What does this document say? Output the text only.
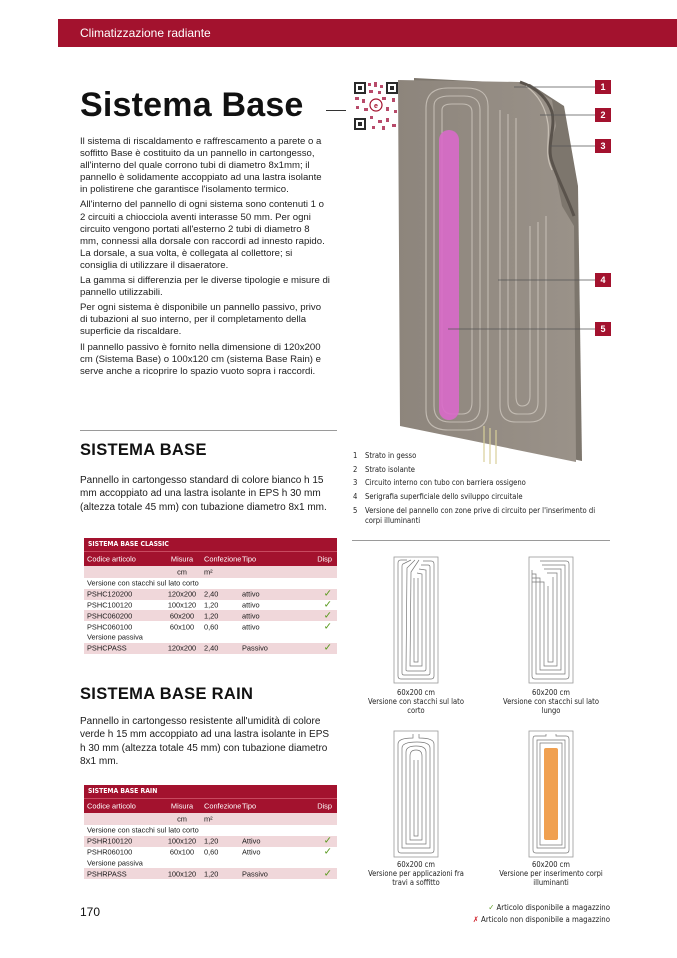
Climatizzazione radiante
Sistema Base	e

Il sistema di riscaldamento e raffrescamento a parete o a soffitto Base è costituito da un pannello in cartongesso, all'interno del quale corrono tubi di diametro 8x1mm; il pannello è solidamente accoppiato ad una lastra isolante in polistirene che garantisce l'isolamento termico.

All'interno del pannello di ogni sistema sono contenuti 1 o 2 circuiti a chiocciola aventi interasse 50 mm. Per ogni circuito vengono portati all'esterno 2 tubi di diametro 8 mm, connessi alla dorsale con raccordi ad innesto rapido. La dorsale, a sua volta, è collegata al collettore; si consiglia di utilizzare il disaeratore.

La gamma si differenzia per le diverse tipologie e misure di pannello utilizzabili.

Per ogni sistema è disponibile un pannello passivo, privo di tubazioni al suo interno, per il completamento della superficie da riscaldare.

Il pannello passivo è fornito nella dimensione di 120x200 cm (Sistema Base) o 100x120 cm (sistema Base Rain) e serve anche a ricoprire lo spazio vuoto sopra i raccordi.

SISTEMA BASE
Pannello in cartongesso standard di colore bianco h 15 mm accoppiato ad una lastra isolante in EPS h 30 mm (altezza totale 45 mm) con tubazione diametro 8x1 mm.
SISTEMA BASE CLASSIC
Codice articolo	Misura	Confezione Tipo	Disp
cm	m²
Versione con stacchi sul lato corto
PSHC120200	120x200 2,40	attivo	✓
PSHC100120	100x120 1,20	attivo	✓
PSHC060200	60x200	1,20	attivo	✓
PSHC060100	60x100	0,60	attivo	✓
Versione passiva
PSHCPASS	120x200 2,40	Passivo	✓
SISTEMA BASE RAIN
Pannello in cartongesso resistente all'umidità di colore verde h 15 mm accoppiato ad una lastra isolante in EPS h 30 mm (altezza totale 45 mm) con tubazione diametro 8x1 mm.
SISTEMA BASE RAIN
Codice articolo	Misura	Confezione Tipo	Disp
cm	m²
Versione con stacchi sul lato corto
PSHR100120	100x120 1,20	Attivo	✓
PSHR060100	60x100	0,60	Attivo	✓
Versione passiva
PSHRPASS	100x120 1,20	Passivo	✓
1
2
3
4
5
1 Strato in gesso
2 Strato isolante
3 Circuito interno con tubo con barriera ossigeno
4 Serigrafia superficiale dello sviluppo circuitale
5 Versione del pannello con zone prive di circuito per l'inserimento di corpi illuminanti
60x200 cm
Versione con stacchi sul lato corto
60x200 cm
Versione con stacchi sul lato lungo
60x200 cm
Versione per applicazioni fra travi a soffitto
60x200 cm
Versione per inserimento corpi illuminanti
170	✓ Articolo disponibile a magazzino
✗ Articolo non disponibile a magazzino
